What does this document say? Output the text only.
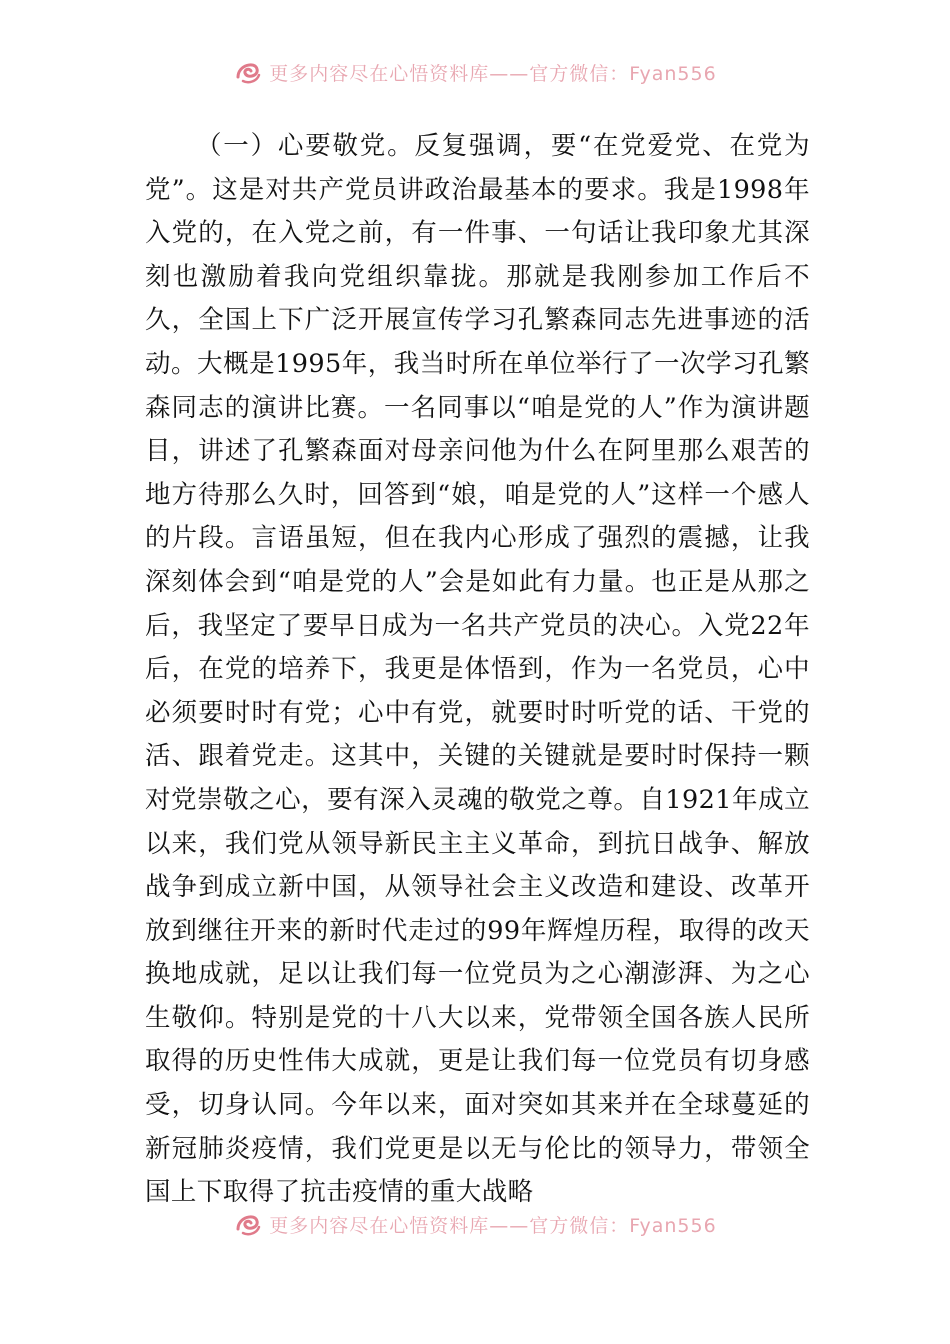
更多内容尽在心悟资料库——官方微信：Fyan556

（一）心要敬党。反复强调，要“在党爱党、在党为党”。这是对共产党员讲政治最基本的要求。我是1998年入党的，在入党之前，有一件事、一句话让我印象尤其深刻也激励着我向党组织靠拢。那就是我刚参加工作后不久，全国上下广泛开展宣传学习孔繁森同志先进事迹的活动。大概是1995年，我当时所在单位举行了一次学习孔繁森同志的演讲比赛。一名同事以“咱是党的人”作为演讲题目，讲述了孔繁森面对母亲问他为什么在阿里那么艰苦的地方待那么久时，回答到“娘，咱是党的人”这样一个感人的片段。言语虽短，但在我内心形成了强烈的震撼，让我深刻体会到“咱是党的人”会是如此有力量。也正是从那之后，我坚定了要早日成为一名共产党员的决心。入党22年后，在党的培养下，我更是体悟到，作为一名党员，心中必须要时时有党；心中有党，就要时时听党的话、干党的活、跟着党走。这其中，关键的关键就是要时时保持一颗对党崇敬之心，要有深入灵魂的敬党之尊。自1921年成立以来，我们党从领导新民主主义革命，到抗日战争、解放战争到成立新中国，从领导社会主义改造和建设、改革开放到继往开来的新时代走过的99年辉煌历程，取得的改天换地成就，足以让我们每一位党员为之心潮澎湃、为之心生敬仰。特别是党的十八大以来，党带领全国各族人民所取得的历史性伟大成就，更是让我们每一位党员有切身感受，切身认同。今年以来，面对突如其来并在全球蔓延的新冠肺炎疫情，我们党更是以无与伦比的领导力，带领全国上下取得了抗击疫情的重大战略

更多内容尽在心悟资料库——官方微信：Fyan556
